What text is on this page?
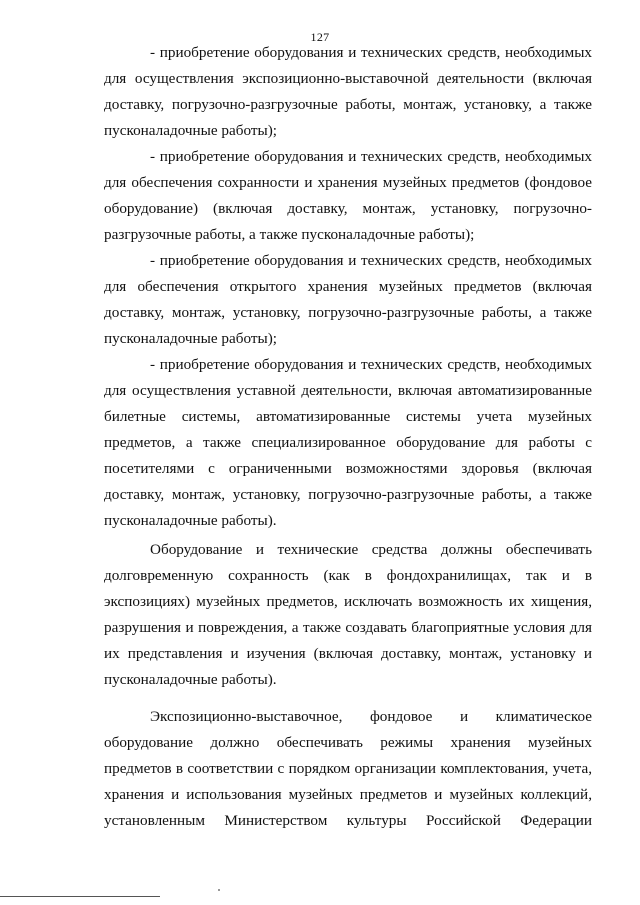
127

- приобретение оборудования и технических средств, необходимых для осуществления экспозиционно-выставочной деятельности (включая доставку, погрузочно-разгрузочные работы, монтаж, установку, а также пусконаладочные работы);

- приобретение оборудования и технических средств, необходимых для обеспечения сохранности и хранения музейных предметов (фондовое оборудование) (включая доставку, монтаж, установку, погрузочно-разгрузочные работы, а также пусконаладочные работы);

- приобретение оборудования и технических средств, необходимых для обеспечения открытого хранения музейных предметов (включая доставку, монтаж, установку, погрузочно-разгрузочные работы, а также пусконаладочные работы);

- приобретение оборудования и технических средств, необходимых для осуществления уставной деятельности, включая автоматизированные билетные системы, автоматизированные системы учета музейных предметов, а также специализированное оборудование для работы с посетителями с ограниченными возможностями здоровья (включая доставку, монтаж, установку, погрузочно-разгрузочные работы, а также пусконаладочные работы).

Оборудование и технические средства должны обеспечивать долговременную сохранность (как в фондохранилищах, так и в экспозициях) музейных предметов, исключать возможность их хищения, разрушения и повреждения, а также создавать благоприятные условия для их представления и изучения (включая доставку, монтаж, установку и пусконаладочные работы).

Экспозиционно-выставочное, фондовое и климатическое оборудование должно обеспечивать режимы хранения музейных предметов в соответствии с порядком организации комплектования, учета, хранения и использования музейных предметов и музейных коллекций, установленным Министерством культуры Российской Федерации
